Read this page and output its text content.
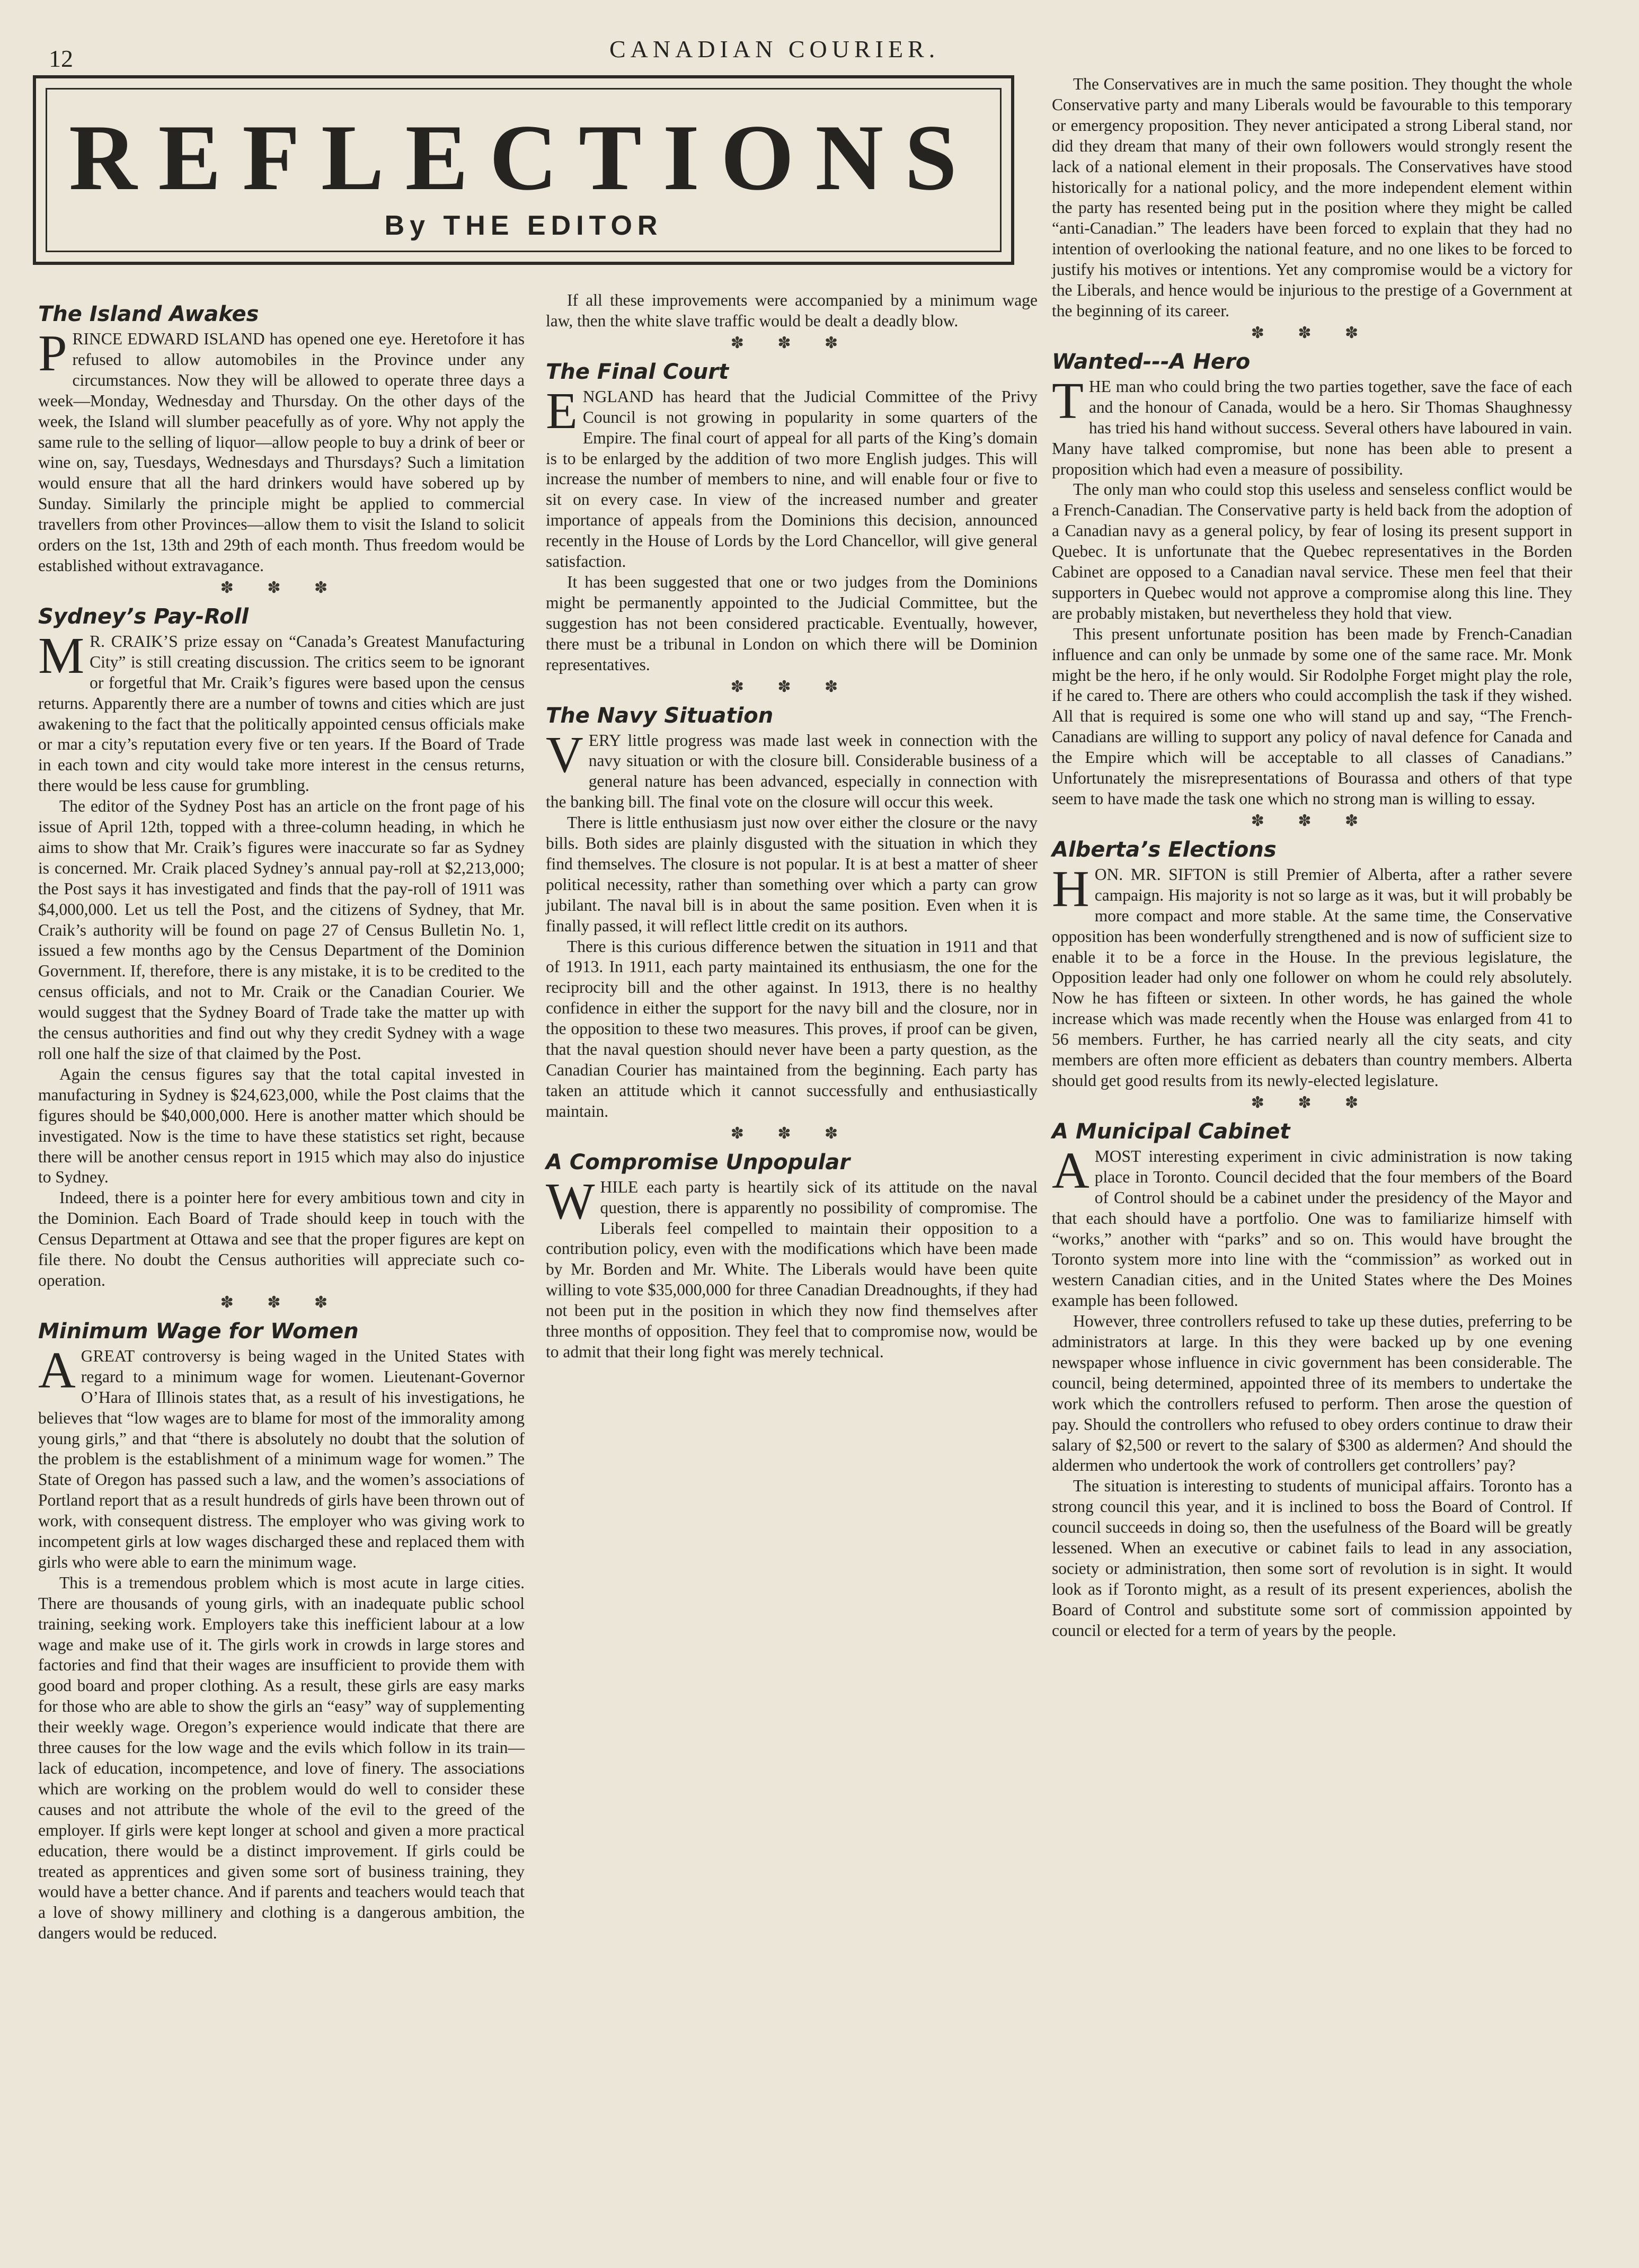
12	CANADIAN COURIER.
REFLECTIONS
By THE EDITOR
The Island Awakes

PRINCE EDWARD ISLAND has opened one eye. Heretofore it has refused to allow automobiles in the Province under any circumstances. Now they will be allowed to operate three days a week—Monday, Wednesday and Thursday. On the other days of the week, the Island will slumber peacefully as of yore. Why not apply the same rule to the selling of liquor—allow people to buy a drink of beer or wine on, say, Tuesdays, Wednesdays and Thursdays? Such a limitation would ensure that all the hard drinkers would have sobered up by Sunday. Similarly the principle might be applied to commercial travellers from other Provinces—allow them to visit the Island to solicit orders on the 1st, 13th and 29th of each month. Thus freedom would be established without extravagance.

✽ ✽ ✽
Sydney’s Pay-Roll

M R. CRAIK’S prize essay on “Canada’s Greatest Manufacturing City” is still creating discussion. The critics seem to be ignorant or forgetful that Mr. Craik’s figures were based upon the census returns. Apparently there are a number of towns and cities which are just awakening to the fact that the politically appointed census officials make or mar a city’s reputation every five or ten years. If the Board of Trade in each town and city would take more interest in the census returns, there would be less cause for grumbling.

The editor of the Sydney Post has an article on the front page of his issue of April 12th, topped with a three-column heading, in which he aims to show that Mr. Craik’s figures were inaccurate so far as Sydney is concerned. Mr. Craik placed Sydney’s annual pay-roll at $2,213,000; the Post says it has investigated and finds that the pay-roll of 1911 was $4,000,000. Let us tell the Post, and the citizens of Sydney, that Mr. Craik’s authority will be found on page 27 of Census Bulletin No. 1, issued a few months ago by the Census Department of the Dominion Government. If, therefore, there is any mistake, it is to be credited to the census officials, and not to Mr. Craik or the Canadian Courier. We would suggest that the Sydney Board of Trade take the matter up with the census authorities and find out why they credit Sydney with a wage roll one half the size of that claimed by the Post.

Again the census figures say that the total capital invested in manufacturing in Sydney is $24,623,000, while the Post claims that the figures should be $40,000,000. Here is another matter which should be investigated. Now is the time to have these statistics set right, because there will be another census report in 1915 which may also do injustice to Sydney.

Indeed, there is a pointer here for every ambitious town and city in the Dominion. Each Board of Trade should keep in touch with the Census Department at Ottawa and see that the proper figures are kept on file there. No doubt the Census authorities will appreciate such co-operation.

✽ ✽ ✽
Minimum Wage for Women

AGREAT controversy is being waged in the United States with regard to a minimum wage for women. Lieutenant-Governor O’Hara of Illinois states that, as a result of his investigations, he believes that “low wages are to blame for most of the immorality among young girls,” and that “there is absolutely no doubt that the solution of the problem is the establishment of a minimum wage for women.” The State of Oregon has passed such a law, and the women’s associations of Portland report that as a result hundreds of girls have been thrown out of work, with consequent distress. The employer who was giving work to incompetent girls at low wages discharged these and replaced them with girls who were able to earn the minimum wage.

This is a tremendous problem which is most acute in large cities. There are thousands of young girls, with an inadequate public school training, seeking work. Employers take this inefficient labour at a low wage and make use of it. The girls work in crowds in large stores and factories and find that their wages are insufficient to provide them with good board and proper clothing. As a result, these girls are easy marks for those who are able to show the girls an “easy” way of supplementing their weekly wage. Oregon’s experience would indicate that there are three causes for the low wage and the evils which follow in its train—lack of education, incompetence, and love of finery. The associations which are working on the problem would do well to consider these causes and not attribute the whole of the evil to the greed of the employer. If girls were kept longer at school and given a more practical education, there would be a distinct improvement. If girls could be treated as apprentices and given some sort of business training, they would have a better chance. And if parents and teachers would teach that a love of showy millinery and clothing is a dangerous ambition, the dangers would be reduced.

If all these improvements were accompanied by a minimum wage law, then the white slave traffic would be dealt a deadly blow.

✽ ✽ ✽
The Final Court

ENGLAND has heard that the Judicial Committee of the Privy Council is not growing in popularity in some quarters of the Empire. The final court of appeal for all parts of the King’s domain is to be enlarged by the addition of two more English judges. This will increase the number of members to nine, and will enable four or five to sit on every case. In view of the increased number and greater importance of appeals from the Dominions this decision, announced recently in the House of Lords by the Lord Chancellor, will give general satisfaction.

It has been suggested that one or two judges from the Dominions might be permanently appointed to the Judicial Committee, but the suggestion has not been considered practicable. Eventually, however, there must be a tribunal in London on which there will be Dominion representatives.

✽ ✽ ✽
The Navy Situation

VERY little progress was made last week in connection with the navy situation or with the closure bill. Considerable business of a general nature has been advanced, especially in connection with the banking bill. The final vote on the closure will occur this week.

There is little enthusiasm just now over either the closure or the navy bills. Both sides are plainly disgusted with the situation in which they find themselves. The closure is not popular. It is at best a matter of sheer political necessity, rather than something over which a party can grow jubilant. The naval bill is in about the same position. Even when it is finally passed, it will reflect little credit on its authors.

There is this curious difference betwen the situation in 1911 and that of 1913. In 1911, each party maintained its enthusiasm, the one for the reciprocity bill and the other against. In 1913, there is no healthy confidence in either the support for the navy bill and the closure, nor in the opposition to these two measures. This proves, if proof can be given, that the naval question should never have been a party question, as the Canadian Courier has maintained from the beginning. Each party has taken an attitude which it cannot successfully and enthusiastically maintain.

✽ ✽ ✽
A Compromise Unpopular

WHILE each party is heartily sick of its attitude on the naval question, there is apparently no possibility of compromise. The Liberals feel compelled to maintain their opposition to a contribution policy, even with the modifications which have been made by Mr. Borden and Mr. White. The Liberals would have been quite willing to vote $35,000,000 for three Canadian Dreadnoughts, if they had not been put in the position in which they now find themselves after three months of opposition. They feel that to compromise now, would be to admit that their long fight was merely technical.

The Conservatives are in much the same position. They thought the whole Conservative party and many Liberals would be favourable to this temporary or emergency proposition. They never anticipated a strong Liberal stand, nor did they dream that many of their own followers would strongly resent the lack of a national element in their proposals. The Conservatives have stood historically for a national policy, and the more independent element within the party has resented being put in the position where they might be called “anti-Canadian.” The leaders have been forced to explain that they had no intention of overlooking the national feature, and no one likes to be forced to justify his motives or intentions. Yet any compromise would be a victory for the Liberals, and hence would be injurious to the prestige of a Government at the beginning of its career.

✽ ✽ ✽
Wanted---A Hero

THE man who could bring the two parties together, save the face of each and the honour of Canada, would be a hero. Sir Thomas Shaughnessy has tried his hand without success. Several others have laboured in vain. Many have talked compromise, but none has been able to present a proposition which had even a measure of possibility.

The only man who could stop this useless and senseless conflict would be a French-Canadian. The Conservative party is held back from the adoption of a Canadian navy as a general policy, by fear of losing its present support in Quebec. It is unfortunate that the Quebec representatives in the Borden Cabinet are opposed to a Canadian naval service. These men feel that their supporters in Quebec would not approve a compromise along this line. They are probably mistaken, but nevertheless they hold that view.

This present unfortunate position has been made by French-Canadian influence and can only be unmade by some one of the same race. Mr. Monk might be the hero, if he only would. Sir Rodolphe Forget might play the role, if he cared to. There are others who could accomplish the task if they wished. All that is required is some one who will stand up and say, “The French-Canadians are willing to support any policy of naval defence for Canada and the Empire which will be acceptable to all classes of Canadians.” Unfortunately the misrepresentations of Bourassa and others of that type seem to have made the task one which no strong man is willing to essay.

✽ ✽ ✽
Alberta’s Elections

HON. MR. SIFTON is still Premier of Alberta, after a rather severe campaign. His majority is not so large as it was, but it will probably be more compact and more stable. At the same time, the Conservative opposition has been wonderfully strengthened and is now of sufficient size to enable it to be a force in the House. In the previous legislature, the Opposition leader had only one follower on whom he could rely absolutely. Now he has fifteen or sixteen. In other words, he has gained the whole increase which was made recently when the House was enlarged from 41 to 56 members. Further, he has carried nearly all the city seats, and city members are often more efficient as debaters than country members. Alberta should get good results from its newly-elected legislature.

✽ ✽ ✽
A Municipal Cabinet

AMOST interesting experiment in civic administration is now taking place in Toronto. Council decided that the four members of the Board of Control should be a cabinet under the presidency of the Mayor and that each should have a portfolio. One was to familiarize himself with “works,” another with “parks” and so on. This would have brought the Toronto system more into line with the “commission” as worked out in western Canadian cities, and in the United States where the Des Moines example has been followed.

However, three controllers refused to take up these duties, preferring to be administrators at large. In this they were backed up by one evening newspaper whose influence in civic government has been considerable. The council, being determined, appointed three of its members to undertake the work which the controllers refused to perform. Then arose the question of pay. Should the controllers who refused to obey orders continue to draw their salary of $2,500 or revert to the salary of $300 as aldermen? And should the aldermen who undertook the work of controllers get controllers’ pay?

The situation is interesting to students of municipal affairs. Toronto has a strong council this year, and it is inclined to boss the Board of Control. If council succeeds in doing so, then the usefulness of the Board will be greatly lessened. When an executive or cabinet fails to lead in any association, society or administration, then some sort of revolution is in sight. It would look as if Toronto might, as a result of its present experiences, abolish the Board of Control and substitute some sort of commission appointed by council or elected for a term of years by the people.
